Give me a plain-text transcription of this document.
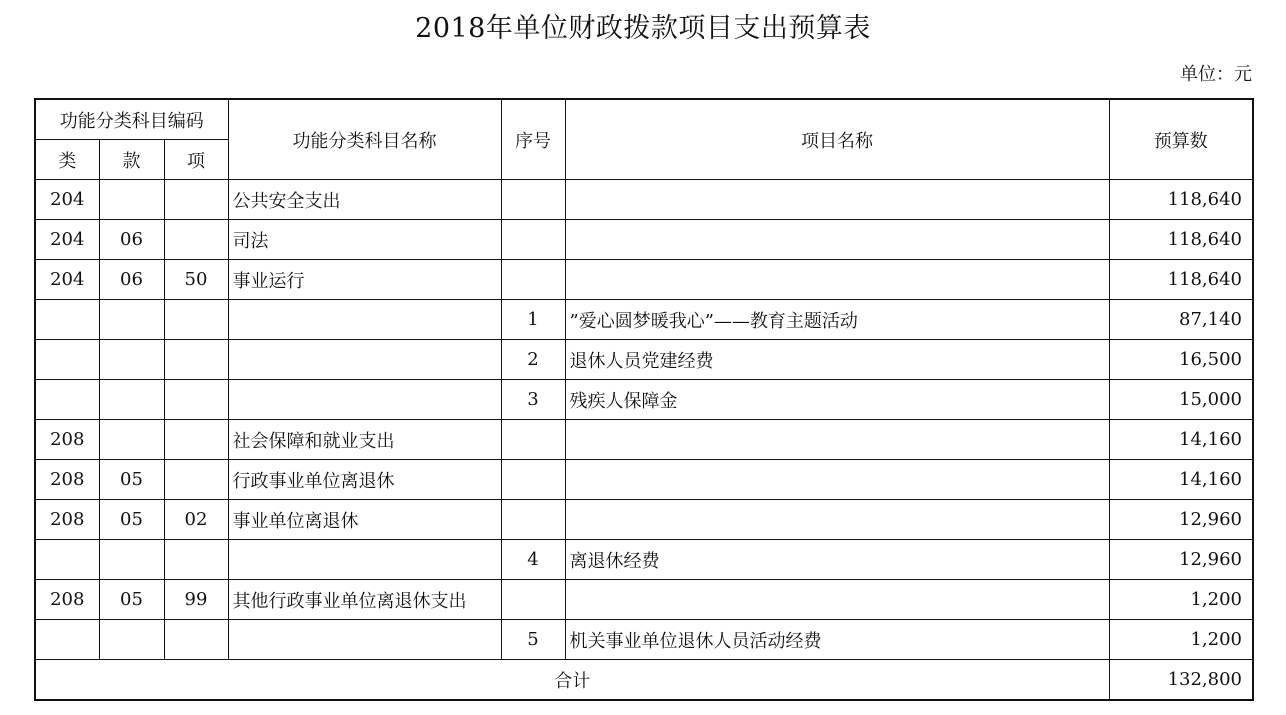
2018年单位财政拨款项目支出预算表
单位：元
功能分类科目编码			功能分类科目名称	序号	项目名称	预算数
类	款	项				
204			公共安全支出			118,640
204	06		司法			118,640
204	06	50	事业运行			118,640
				1	”爱心圆梦暖我心”——教育主题活动	87,140
				2	退休人员党建经费	16,500
				3	残疾人保障金	15,000
208			社会保障和就业支出			14,160
208	05		行政事业单位离退休			14,160
208	05	02	事业单位离退休			12,960
				4	离退休经费	12,960
208	05	99	其他行政事业单位离退休支出			1,200
				5	机关事业单位退休人员活动经费	1,200
合计						132,800
